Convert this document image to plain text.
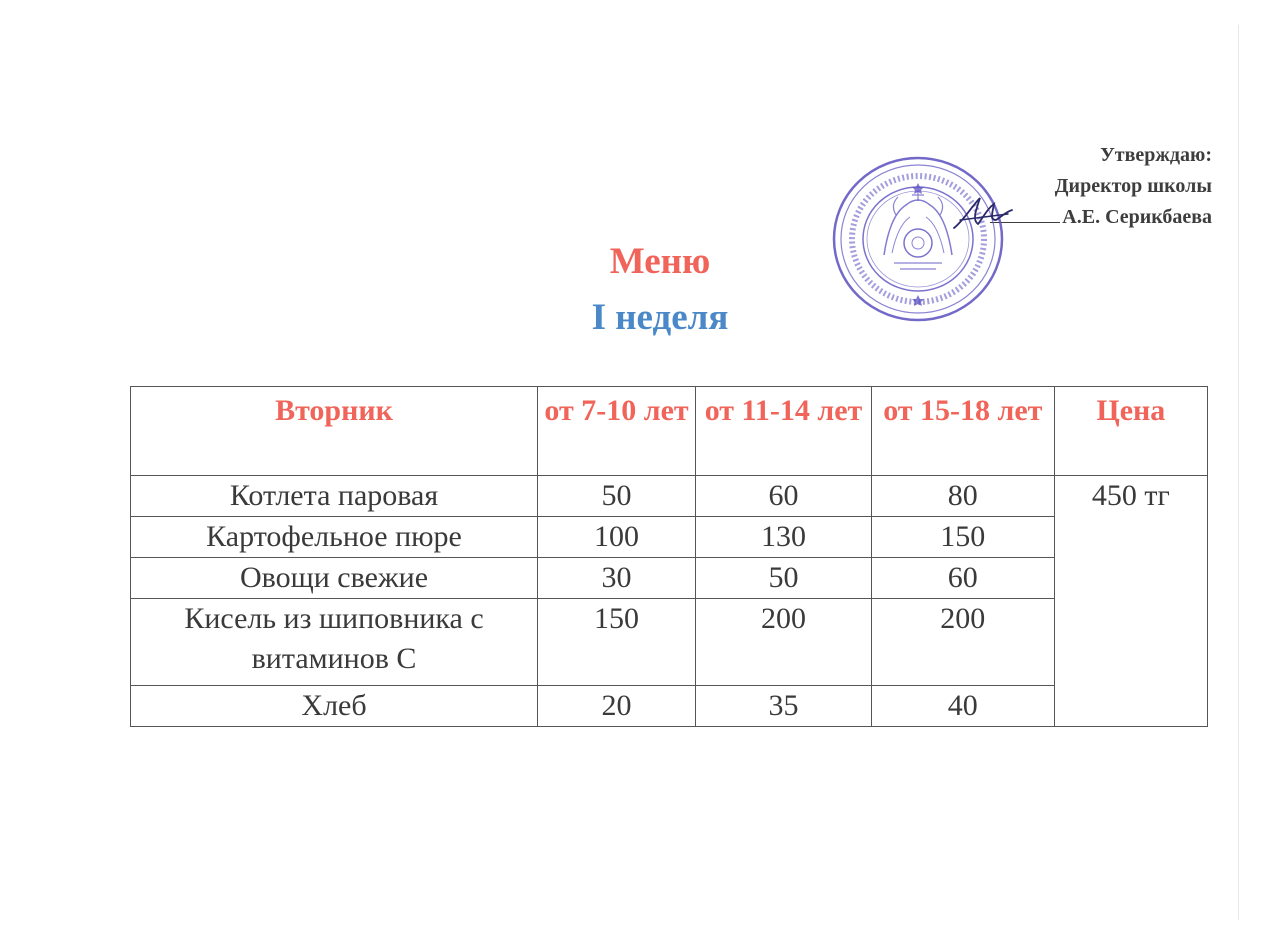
Утверждаю:
Директор школы
А.Е. Серикбаева
Меню
I неделя
Вторник	от 7-10 лет	от 11-14 лет	от 15-18 лет	Цена
Котлета паровая	50	60	80	450 тг
Картофельное пюре	100	130	150	
Овощи свежие	30	50	60	
Кисель из шиповника с витаминов С	150	200	200	
Хлеб	20	35	40	
